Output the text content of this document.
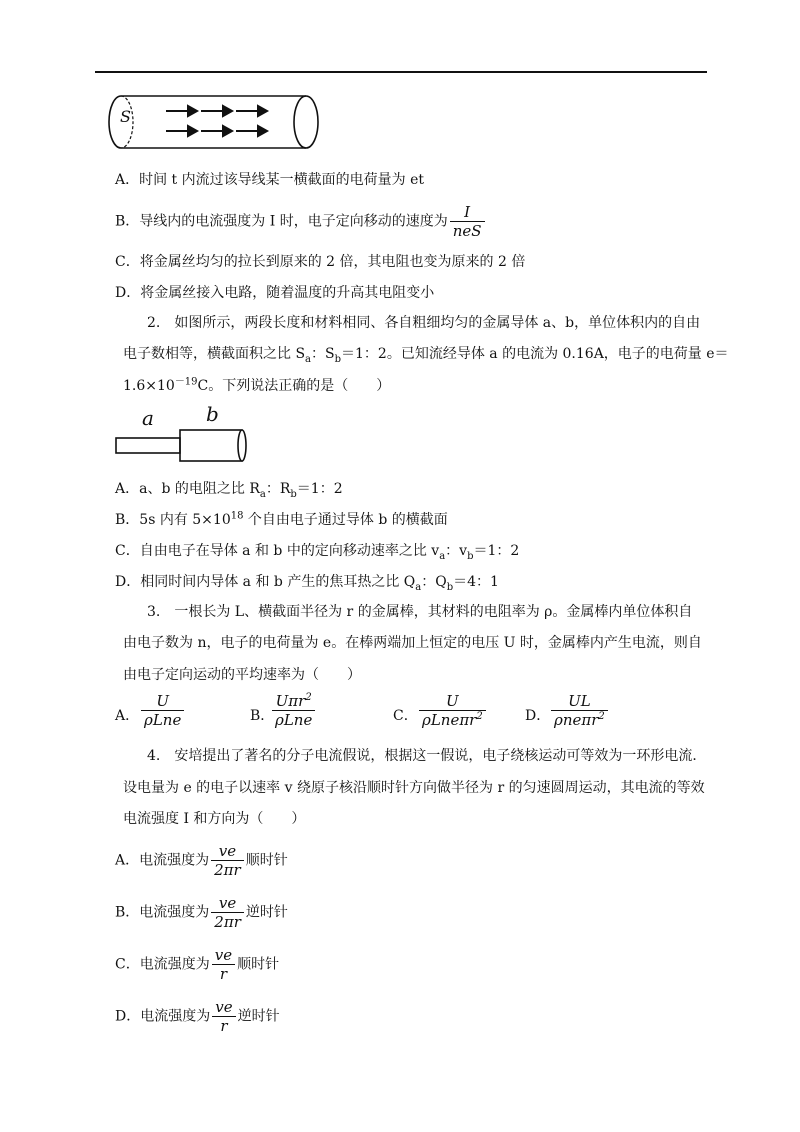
S
A．时间 t 内流过该导线某一横截面的电荷量为 et
B．导线内的电流强度为 I 时，电子定向移动的速度为 $\frac{I}{\text{neS}}$
C．将金属丝均匀的拉长到原来的 2 倍，其电阻也变为原来的 2 倍
D．将金属丝接入电路，随着温度的升高其电阻变小
2.　如图所示，两段长度和材料相同、各自粗细均匀的金属导体 a、b，单位体积内的自由
电子数相等，横截面积之比 $S_a$：$S_b=1$：2。已知流经导体 a 的电流为 0.16A，电子的电荷量 e＝
$1.6\times 10^{-19}C$。下列说法正确的是（　　）
a	b
A．a、b 的电阻之比 $R_a$：$R_b=1$：2
B．5s 内有 $5\times 10^{18}$ 个自由电子通过导体 b 的横截面
C．自由电子在导体 a 和 b 中的定向移动速率之比 $v_a$：$v_b=1$：2
D．相同时间内导体 a 和 b 产生的焦耳热之比 $Q_a$：$Q_b=4$：1
3.　一根长为 L、横截面半径为 r 的金属棒，其材料的电阻率为 ρ。金属棒内单位体积自
由电子数为 n，电子的电荷量为 e。在棒两端加上恒定的电压 U 时，金属棒内产生电流，则自
由电子定向运动的平均速率为（　　）
A．
U
ρLne	B．
Uπr$^2$
ρLne	C．
U
ρLneπr$^2$	D．
UL
ρneπr$^2$
4.　安培提出了著名的分子电流假说，根据这一假说，电子绕核运动可等效为一环形电流．
设电量为 e 的电子以速率 v 绕原子核沿顺时针方向做半径为 r 的匀速圆周运动，其电流的等效
电流强度 I 和方向为（　　）
A．电流强度为 $\frac{ve}{2\pi r}$ 顺时针
B．电流强度为 $\frac{ve}{2\pi r}$ 逆时针
C．电流强度为 $\frac{ve}{r}$ 顺时针
D．电流强度为 $\frac{ve}{r}$ 逆时针
